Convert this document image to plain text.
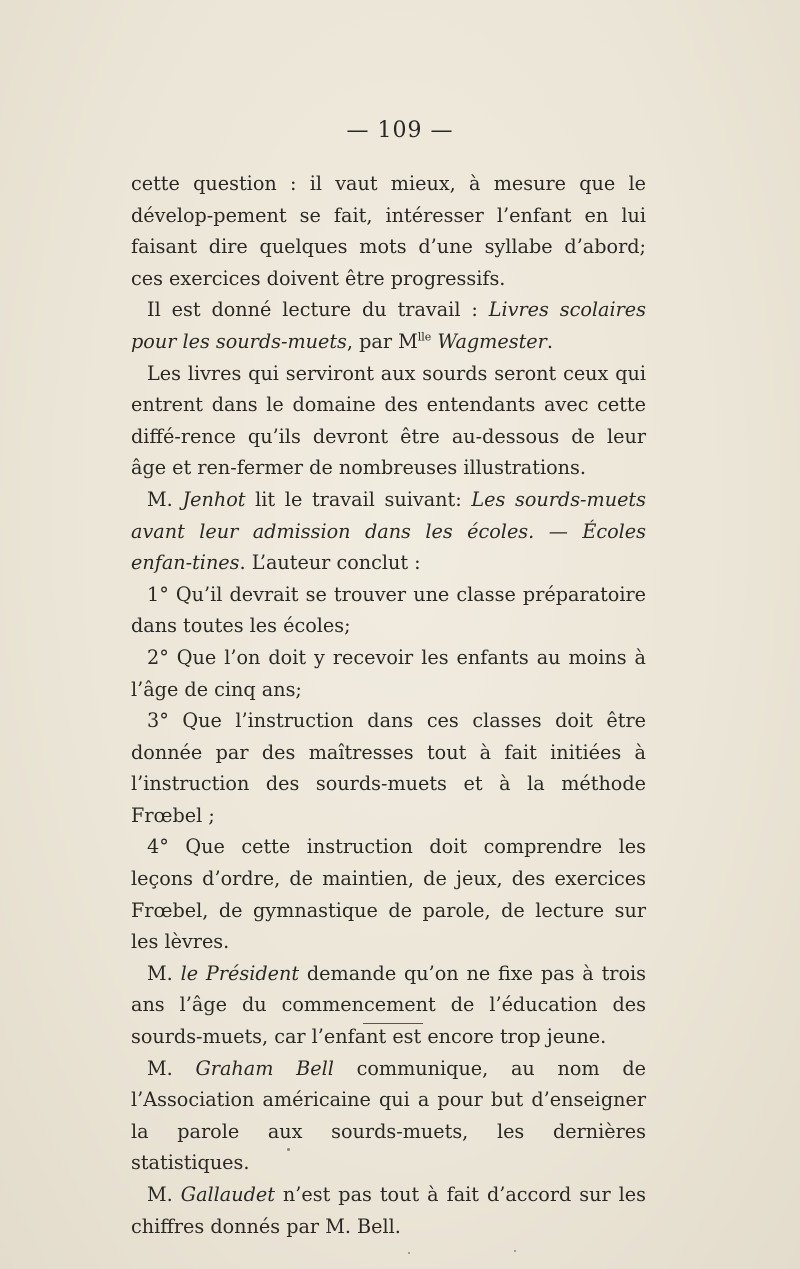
— 109 —

cette question : il vaut mieux, à mesure que le dévelop-pement se fait, intéresser l’enfant en lui faisant dire quelques mots d’une syllabe d’abord; ces exercices doivent être progressifs.

Il est donné lecture du travail : Livres scolaires pour les sourds-muets, par $M^{lle}$ Wagmester.

Les livres qui serviront aux sourds seront ceux qui entrent dans le domaine des entendants avec cette diffé-rence qu’ils devront être au-dessous de leur âge et ren-fermer de nombreuses illustrations.

M. Jenhot lit le travail suivant: Les sourds-muets avant leur admission dans les écoles. — Écoles enfan-tines. L’auteur conclut :

1° Qu’il devrait se trouver une classe préparatoire dans toutes les écoles;

2° Que l’on doit y recevoir les enfants au moins à l’âge de cinq ans;

3° Que l’instruction dans ces classes doit être donnée par des maîtresses tout à fait initiées à l’instruction des sourds-muets et à la méthode Frœbel ;

4° Que cette instruction doit comprendre les leçons d’ordre, de maintien, de jeux, des exercices Frœbel, de gymnastique de parole, de lecture sur les lèvres.

M. le Président demande qu’on ne fixe pas à trois ans l’âge du commencement de l’éducation des sourds-muets, car l’enfant est encore trop jeune.

M. Graham Bell communique, au nom de l’Association américaine qui a pour but d’enseigner la parole aux sourds-muets, les dernières statistiques.

M. Gallaudet n’est pas tout à fait d’accord sur les chiffres donnés par M. Bell.
